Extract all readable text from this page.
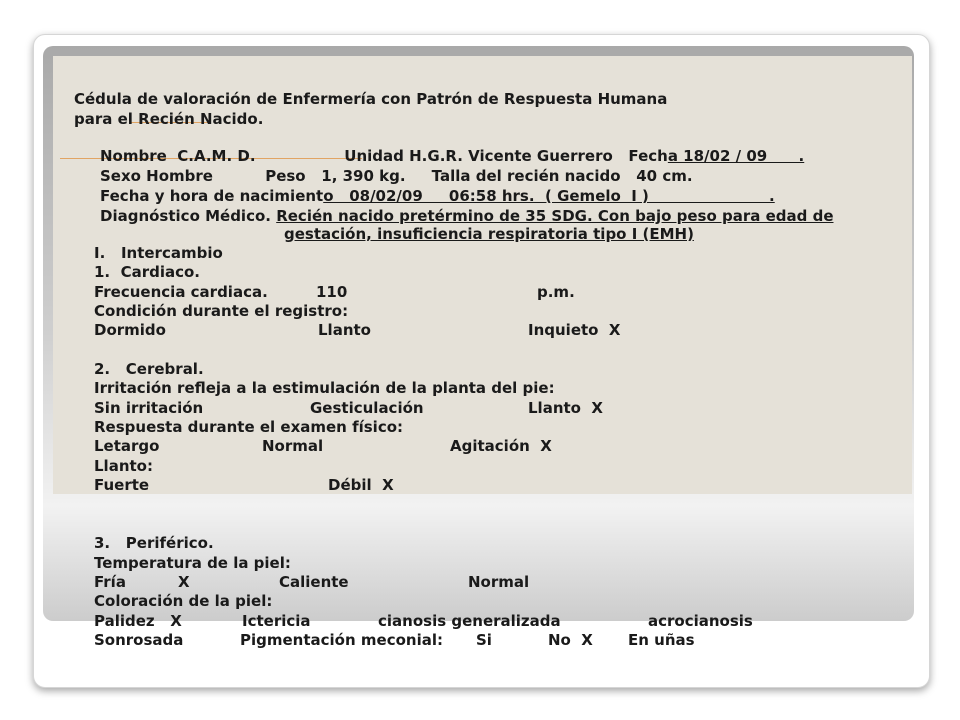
Cédula de valoración de Enfermería con Patrón de Respuesta Humana
para el Recién Nacido.
Nombre  C.A.M. D.                 Unidad H.G.R. Vicente Guerrero   Fecha 18/02 / 09      .
Sexo Hombre          Peso   1, 390 kg.     Talla del recién nacido   40 cm.
Fecha y hora de nacimiento   08/02/09     06:58 hrs.  ( Gemelo  I )                       .
Diagnóstico Médico. Recién nacido pretérmino de 35 SDG. Con bajo peso para edad de
gestación, insuficiencia respiratoria tipo I (EMH)
I.   Intercambio
1.  Cardiaco.
Frecuencia cardiaca.	110	p.m.
Condición durante el registro:
Dormido	Llanto	Inquieto  X
2.   Cerebral.
Irritación refleja a la estimulación de la planta del pie:
Sin irritación	Gesticulación	Llanto  X
Respuesta durante el examen físico:
Letargo	Normal	Agitación  X
Llanto:
Fuerte	Débil  X
3.   Periférico.
Temperatura de la piel:
Fría	X	Caliente	Normal
Coloración de la piel:
Palidez   X	Ictericia	cianosis generalizada	acrocianosis
Sonrosada	Pigmentación meconial: Si	No  X En uñas
